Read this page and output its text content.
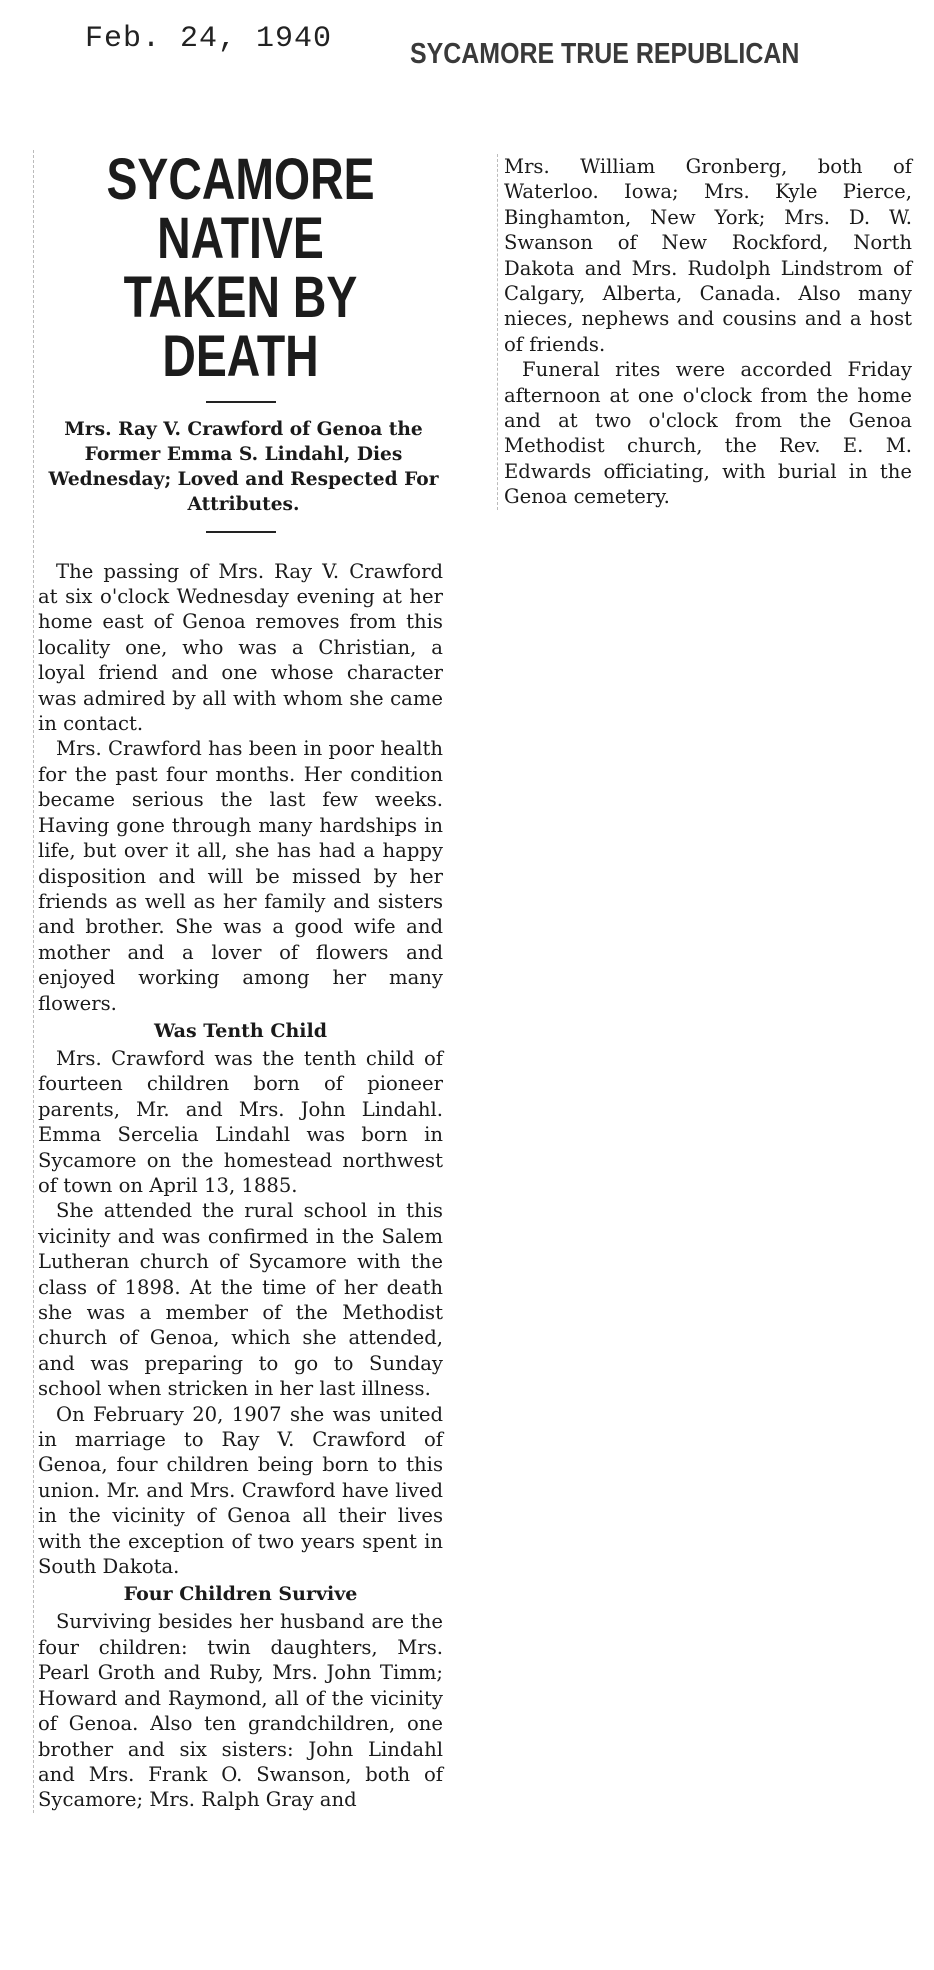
Feb. 24, 1940	SYCAMORE TRUE REPUBLICAN
SYCAMORE NATIVE
TAKEN BY DEATH
Mrs. Ray V. Crawford of Genoa the Former Emma S. Lindahl, Dies Wednesday; Loved and Respected For Attributes.

The passing of Mrs. Ray V. Crawford at six o'clock Wednesday evening at her home east of Genoa removes from this locality one, who was a Christian, a loyal friend and one whose character was admired by all with whom she came in contact.

Mrs. Crawford has been in poor health for the past four months. Her condition became serious the last few weeks. Having gone through many hardships in life, but over it all, she has had a happy disposition and will be missed by her friends as well as her family and sisters and brother. She was a good wife and mother and a lover of flowers and enjoyed working among her many flowers.

Was Tenth Child

Mrs. Crawford was the tenth child of fourteen children born of pioneer parents, Mr. and Mrs. John Lindahl. Emma Sercelia Lindahl was born in Sycamore on the homestead northwest of town on April 13, 1885.

She attended the rural school in this vicinity and was confirmed in the Salem Lutheran church of Sycamore with the class of 1898. At the time of her death she was a member of the Methodist church of Genoa, which she attended, and was preparing to go to Sunday school when stricken in her last illness.

On February 20, 1907 she was united in marriage to Ray V. Crawford of Genoa, four children being born to this union. Mr. and Mrs. Crawford have lived in the vicinity of Genoa all their lives with the exception of two years spent in South Dakota.

Four Children Survive

Surviving besides her husband are the four children: twin daughters, Mrs. Pearl Groth and Ruby, Mrs. John Timm; Howard and Raymond, all of the vicinity of Genoa. Also ten grandchildren, one brother and six sisters: John Lindahl and Mrs. Frank O. Swanson, both of Sycamore; Mrs. Ralph Gray and

Mrs. William Gronberg, both of Waterloo. Iowa; Mrs. Kyle Pierce, Binghamton, New York; Mrs. D. W. Swanson of New Rockford, North Dakota and Mrs. Rudolph Lindstrom of Calgary, Alberta, Canada. Also many nieces, nephews and cousins and a host of friends.

Funeral rites were accorded Friday afternoon at one o'clock from the home and at two o'clock from the Genoa Methodist church, the Rev. E. M. Edwards officiating, with burial in the Genoa cemetery.
